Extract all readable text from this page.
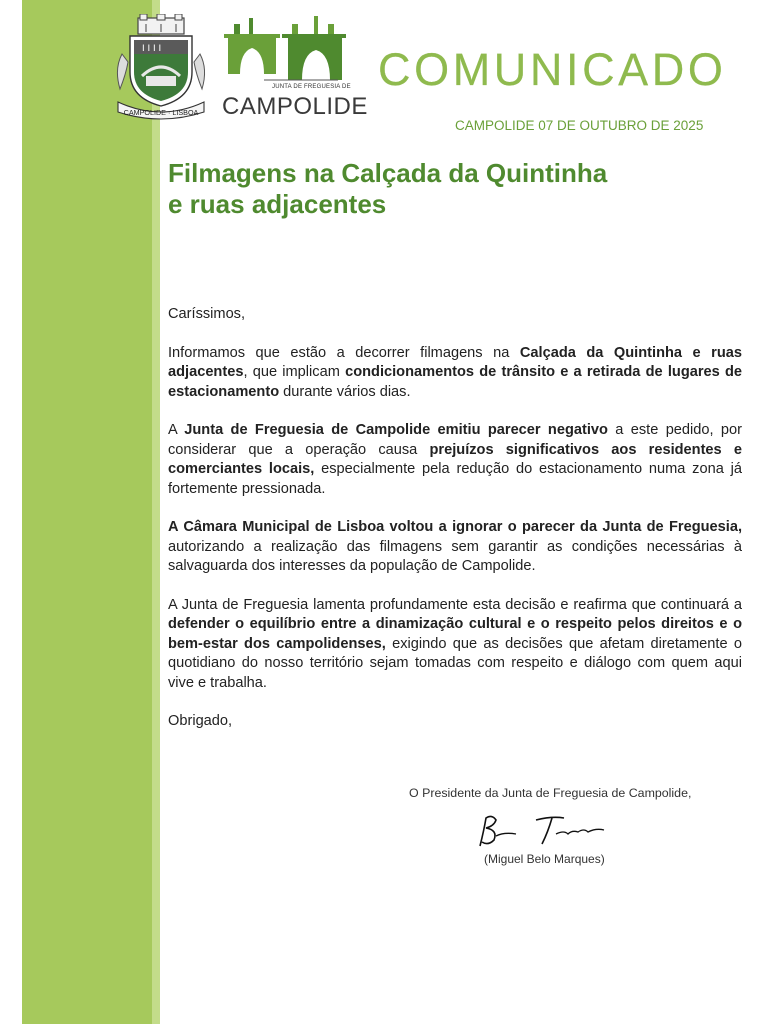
Ⅰ Ⅰ Ⅰ Ⅰ
CAMPOLIDE · LISBOA
JUNTA DE FREGUESIA DE
CAMPOLIDE
COMUNICADO
CAMPOLIDE 07 DE OUTUBRO DE 2025
Filmagens na Calçada da Quintinha
e ruas adjacentes

Caríssimos,

Informamos que estão a decorrer filmagens na Calçada da Quintinha e ruas adjacentes, que implicam condicionamentos de trânsito e a retirada de lugares de estacionamento durante vários dias.

A Junta de Freguesia de Campolide emitiu parecer negativo a este pedido, por considerar que a operação causa prejuízos significativos aos residentes e comerciantes locais, especialmente pela redução do estacionamento numa zona já fortemente pressionada.

A Câmara Municipal de Lisboa voltou a ignorar o parecer da Junta de Freguesia, autorizando a realização das filmagens sem garantir as condições necessárias à salvaguarda dos interesses da população de Campolide.

A Junta de Freguesia lamenta profundamente esta decisão e reafirma que continuará a defender o equilíbrio entre a dinamização cultural e o respeito pelos direitos e o bem-estar dos campolidenses, exigindo que as decisões que afetam diretamente o quotidiano do nosso território sejam tomadas com respeito e diálogo com quem aqui vive e trabalha.

Obrigado,

O Presidente da Junta de Freguesia de Campolide,
(Miguel Belo Marques)
